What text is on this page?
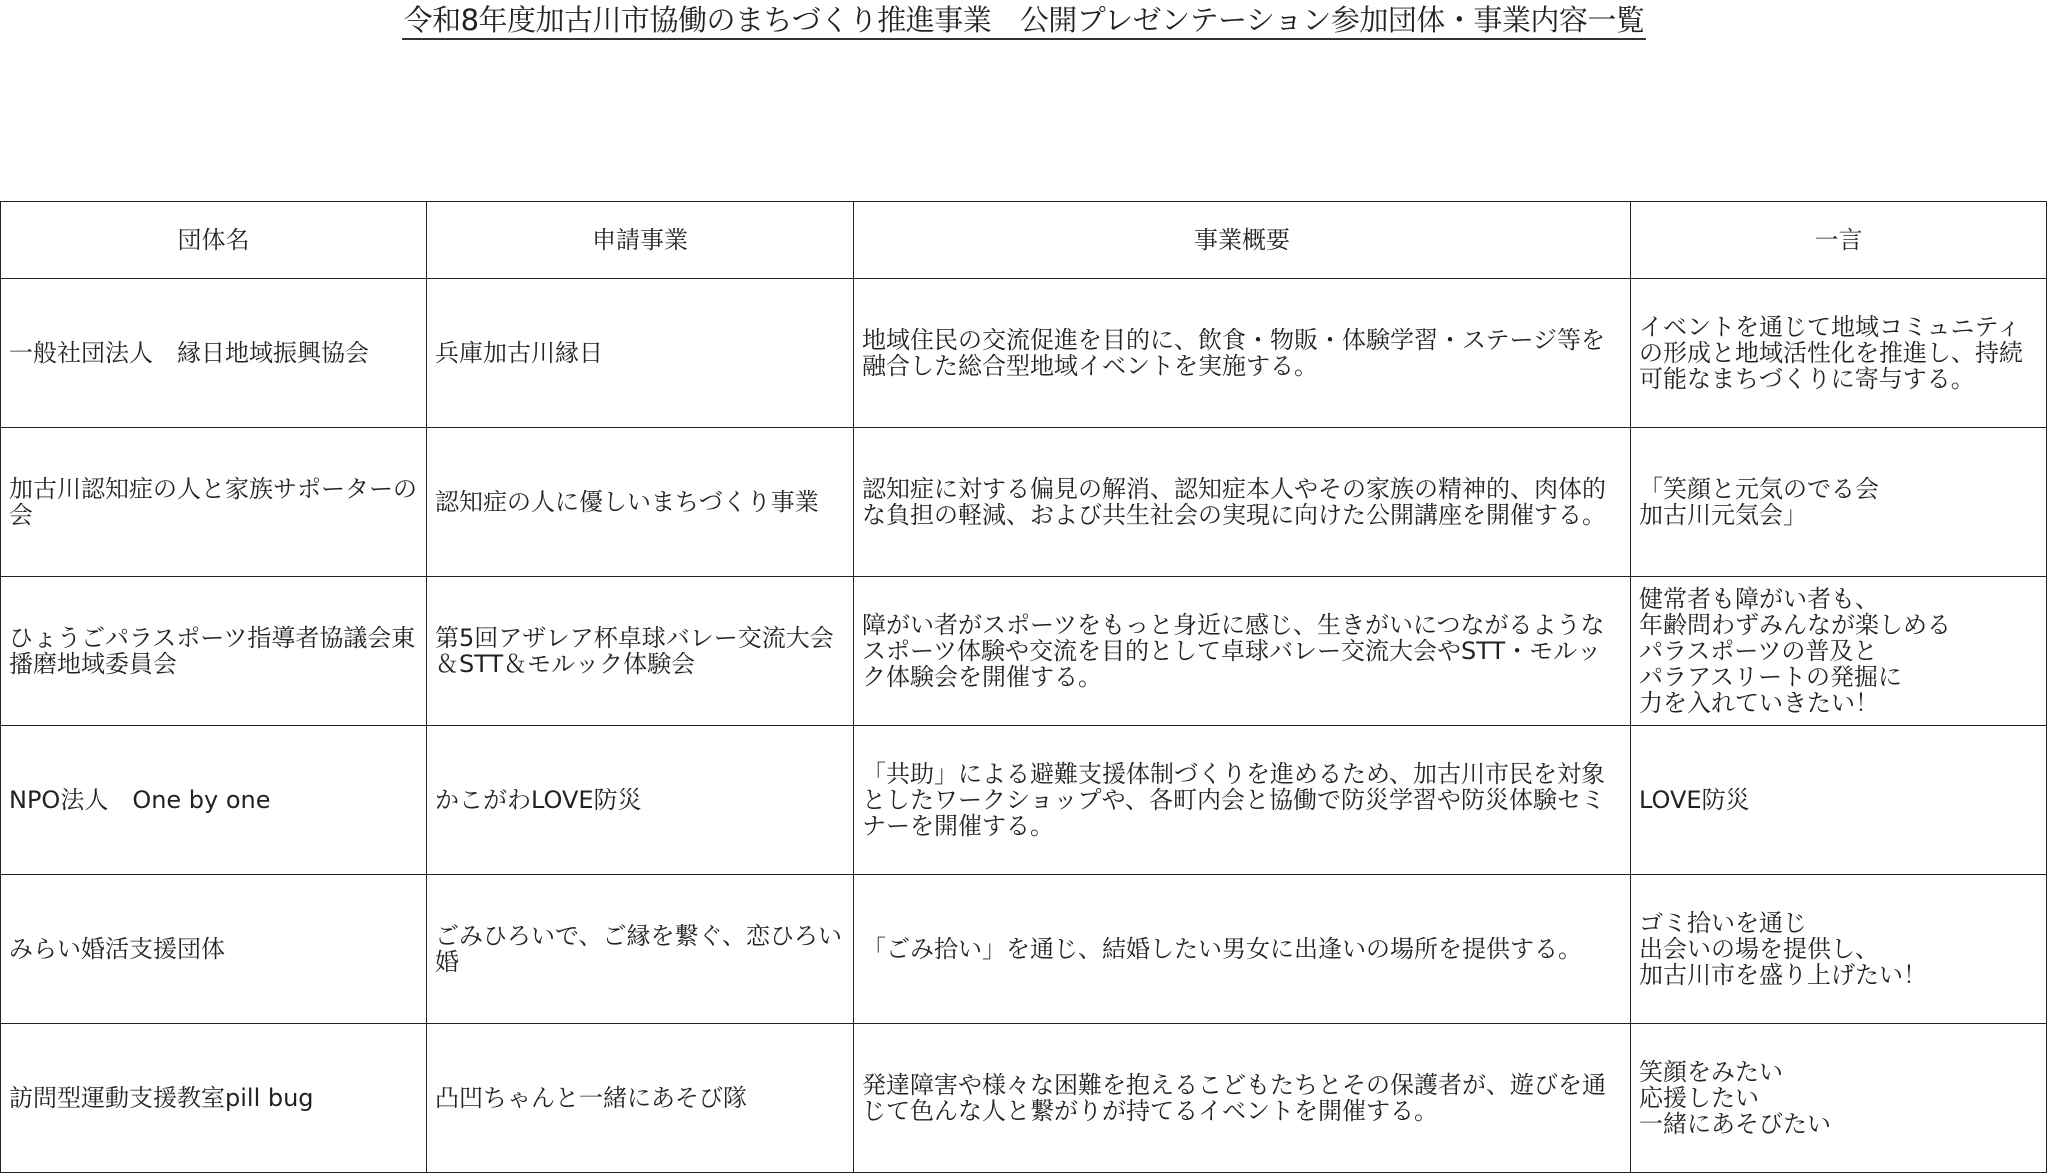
令和8年度加古川市協働のまちづくり推進事業　公開プレゼンテーション参加団体・事業内容一覧
団体名	申請事業	事業概要	一言
一般社団法人　縁日地域振興協会	兵庫加古川縁日	地域住民の交流促進を目的に、飲食・物販・体験学習・ステージ等を融合した総合型地域イベントを実施する。	イベントを通じて地域コミュニティの形成と地域活性化を推進し、持続可能なまちづくりに寄与する。
加古川認知症の人と家族サポーターの会	認知症の人に優しいまちづくり事業	認知症に対する偏見の解消、認知症本人やその家族の精神的、肉体的な負担の軽減、および共生社会の実現に向けた公開講座を開催する。	「笑顔と元気のでる会
加古川元気会」
ひょうごパラスポーツ指導者協議会東播磨地域委員会	第5回アザレア杯卓球バレー交流大会＆STT＆モルック体験会	障がい者がスポーツをもっと身近に感じ、生きがいにつながるようなスポーツ体験や交流を目的として卓球バレー交流大会やSTT・モルック体験会を開催する。	健常者も障がい者も、
年齢問わずみんなが楽しめる
パラスポーツの普及と
パラアスリートの発掘に
力を入れていきたい！
NPO法人　One by one	かこがわLOVE防災	「共助」による避難支援体制づくりを進めるため、加古川市民を対象としたワークショップや、各町内会と協働で防災学習や防災体験セミナーを開催する。	LOVE防災
みらい婚活支援団体	ごみひろいで、ご縁を繋ぐ、恋ひろい婚	「ごみ拾い」を通じ、結婚したい男女に出逢いの場所を提供する。	ゴミ拾いを通じ
出会いの場を提供し、
加古川市を盛り上げたい！
訪問型運動支援教室pill bug	凸凹ちゃんと一緒にあそび隊	発達障害や様々な困難を抱えるこどもたちとその保護者が、遊びを通じて色んな人と繋がりが持てるイベントを開催する。	笑顔をみたい
応援したい
一緒にあそびたい
